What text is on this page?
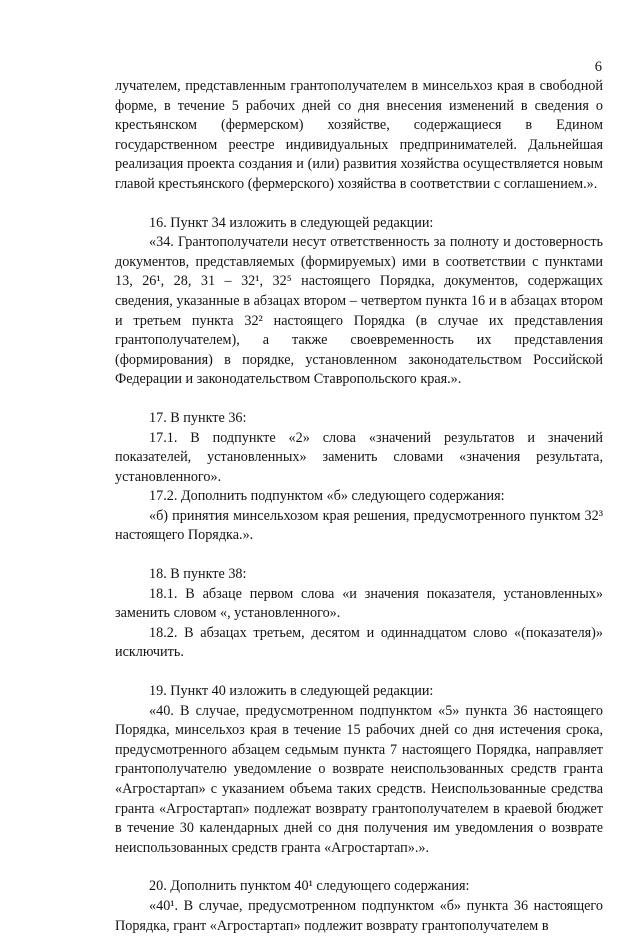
6

лучателем, представленным грантополучателем в минсельхоз края в свободной форме, в течение 5 рабочих дней со дня внесения изменений в сведения о крестьянском (фермерском) хозяйстве, содержащиеся в Едином государственном реестре индивидуальных предпринимателей. Дальнейшая реализация проекта создания и (или) развития хозяйства осуществляется новым главой крестьянского (фермерского) хозяйства в соответствии с соглашением.».

16. Пункт 34 изложить в следующей редакции:

«34. Грантополучатели несут ответственность за полноту и достоверность документов, представляемых (формируемых) ими в соответствии с пунктами 13, 26¹, 28, 31 – 32¹, 32⁵ настоящего Порядка, документов, содержащих сведения, указанные в абзацах втором – четвертом пункта 16 и в абзацах втором и третьем пункта 32² настоящего Порядка (в случае их представления грантополучателем), а также своевременность их представления (формирования) в порядке, установленном законодательством Российской Федерации и законодательством Ставропольского края.».

17. В пункте 36:

17.1. В подпункте «2» слова «значений результатов и значений показателей, установленных» заменить словами «значения результата, установленного».

17.2. Дополнить подпунктом «б» следующего содержания:

«б) принятия минсельхозом края решения, предусмотренного пунктом 32³ настоящего Порядка.».

18. В пункте 38:

18.1. В абзаце первом слова «и значения показателя, установленных» заменить словом «, установленного».

18.2. В абзацах третьем, десятом и одиннадцатом слово «(показателя)» исключить.

19. Пункт 40 изложить в следующей редакции:

«40. В случае, предусмотренном подпунктом «5» пункта 36 настоящего Порядка, минсельхоз края в течение 15 рабочих дней со дня истечения срока, предусмотренного абзацем седьмым пункта 7 настоящего Порядка, направляет грантополучателю уведомление о возврате неиспользованных средств гранта «Агростартап» с указанием объема таких средств. Неиспользованные средства гранта «Агростартап» подлежат возврату грантополучателем в краевой бюджет в течение 30 календарных дней со дня получения им уведомления о возврате неиспользованных средств гранта «Агростартап».».

20. Дополнить пунктом 40¹ следующего содержания:

«40¹. В случае, предусмотренном подпунктом «б» пункта 36 настоящего Порядка, грант «Агростартап» подлежит возврату грантополучателем в
